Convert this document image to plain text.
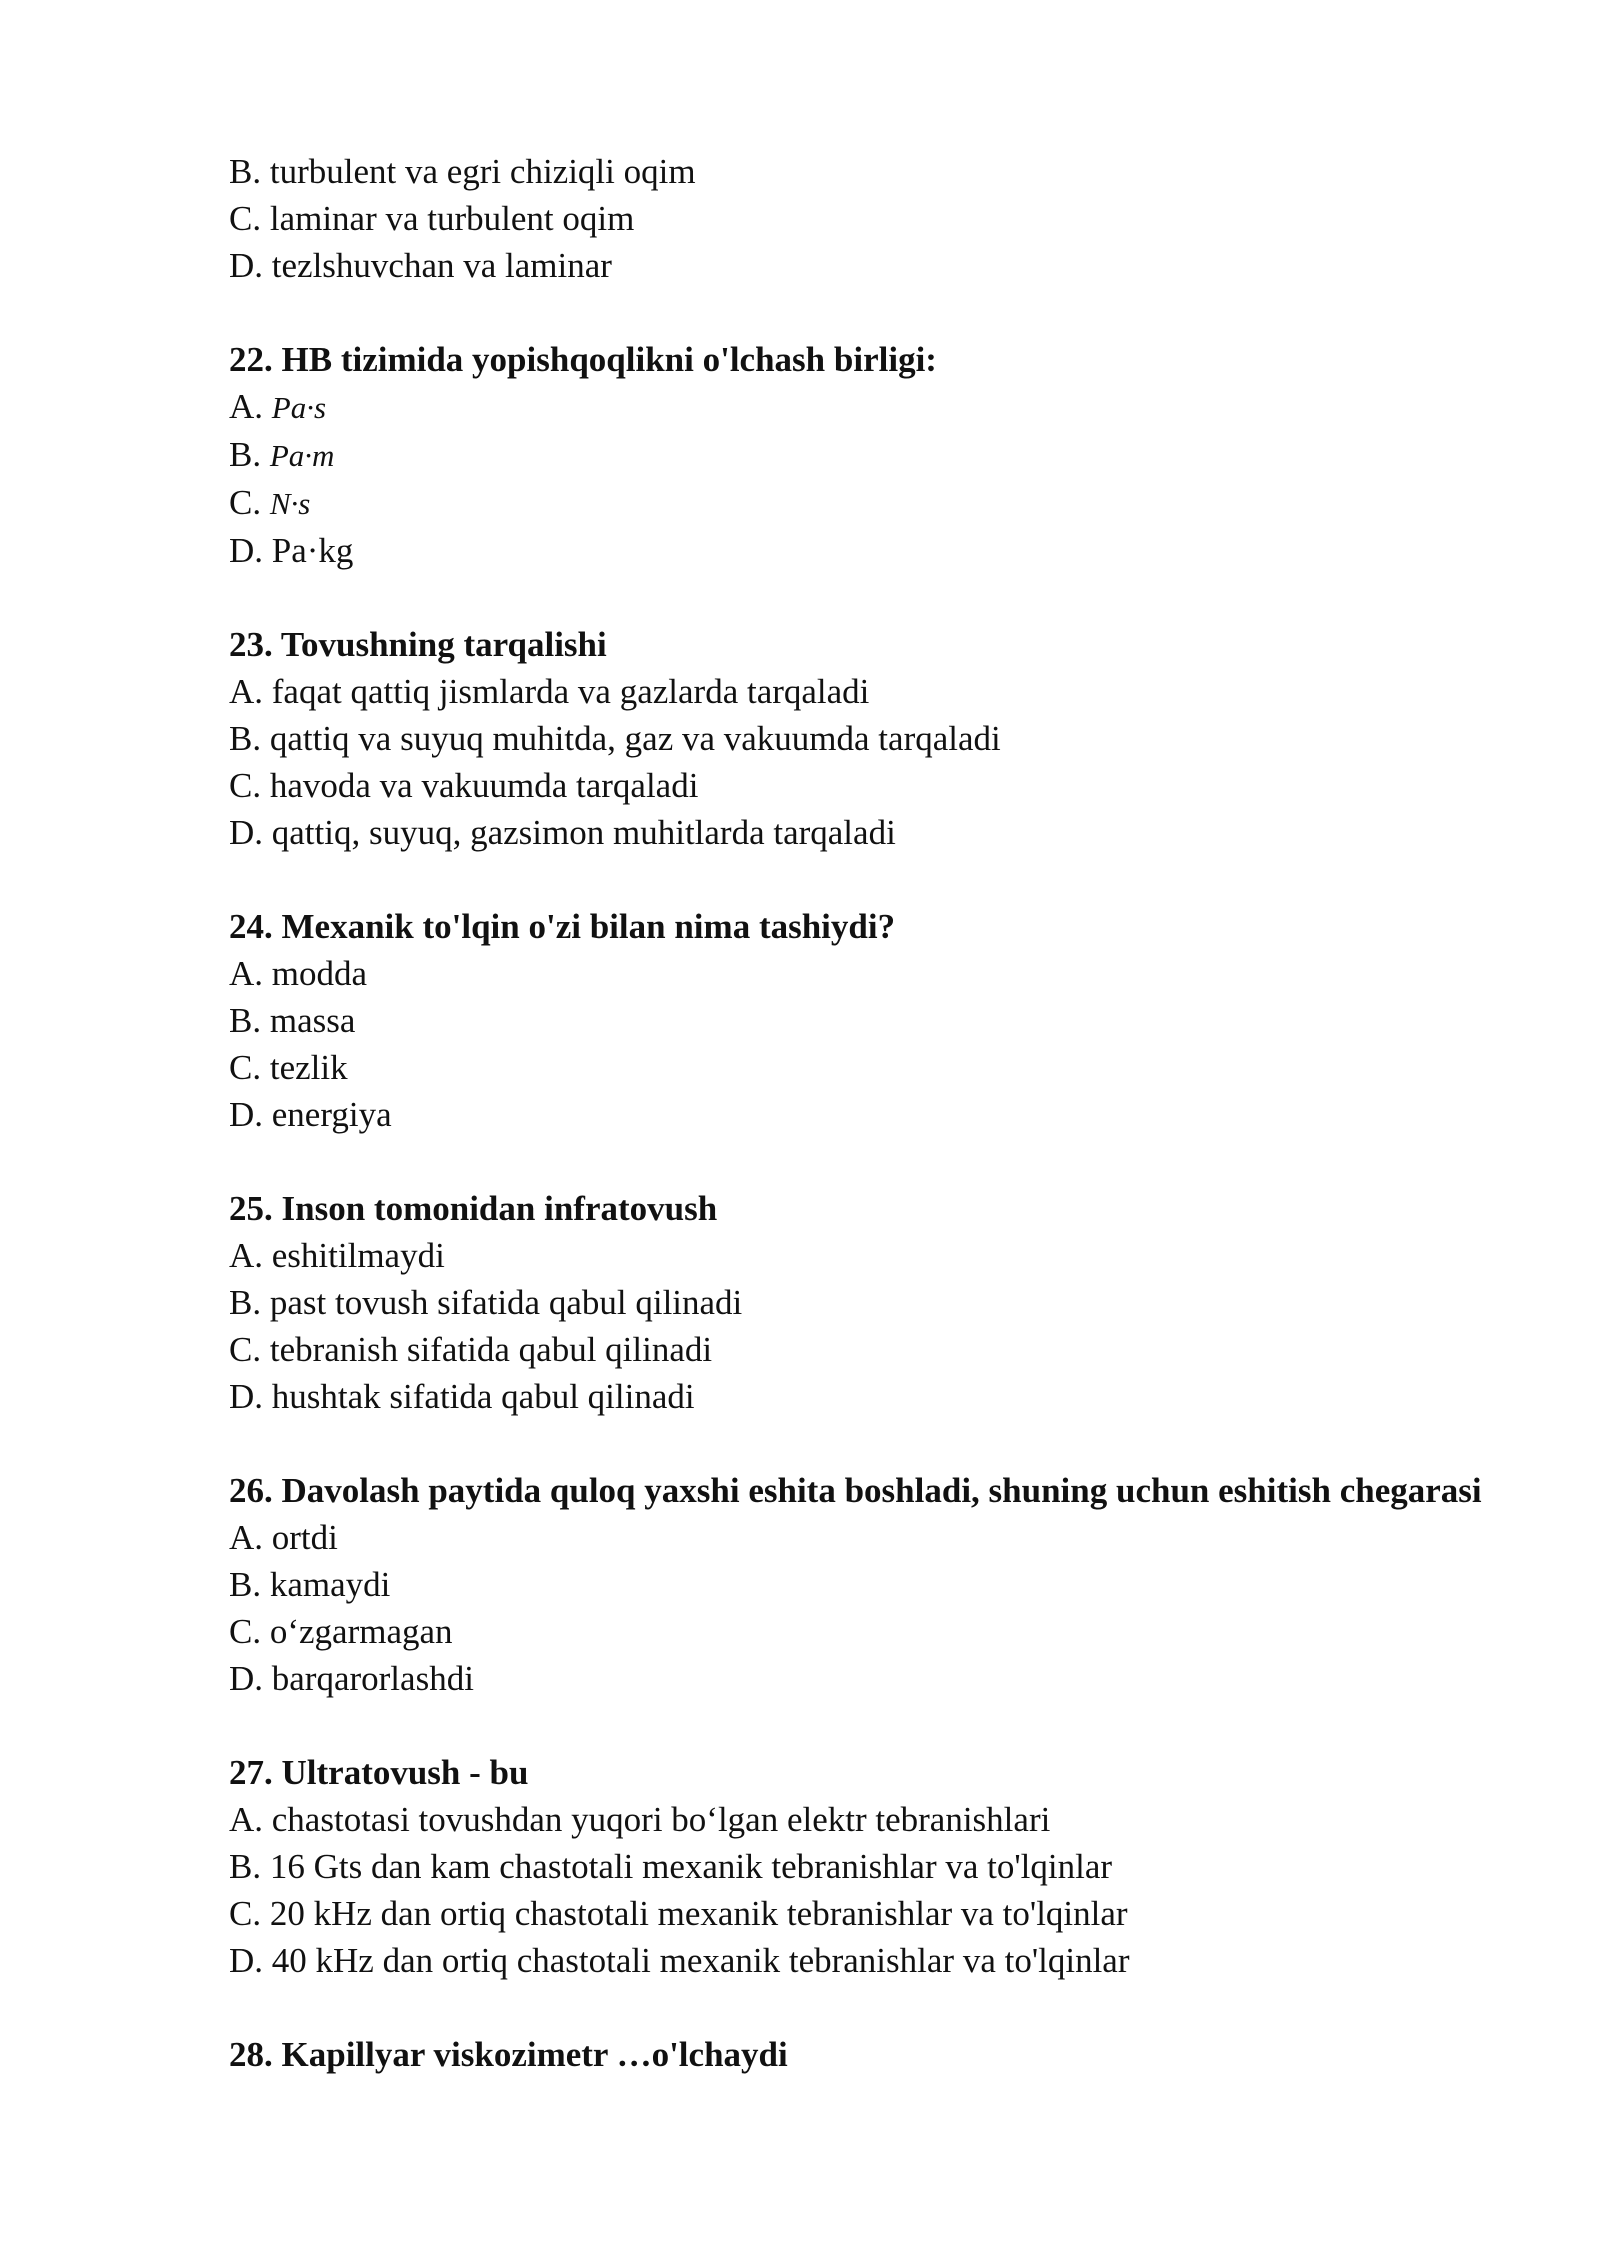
B. turbulent va egri chiziqli oqim
C. laminar va turbulent oqim
D. tezlshuvchan va laminar
22. HB tizimida yopishqoqlikni o'lchash birligi:
A. Pa·s
B. Pa·m
C. N·s
D. Pa·kg
23. Tovushning tarqalishi
A. faqat qattiq jismlarda va gazlarda tarqaladi
B. qattiq va suyuq muhitda, gaz va vakuumda tarqaladi
C. havoda va vakuumda tarqaladi
D. qattiq, suyuq, gazsimon muhitlarda tarqaladi
24. Mexanik to'lqin o'zi bilan nima tashiydi?
A. modda
B. massa
C. tezlik
D. energiya
25. Inson tomonidan infratovush
A. eshitilmaydi
B. past tovush sifatida qabul qilinadi
C. tebranish sifatida qabul qilinadi
D. hushtak sifatida qabul qilinadi
26. Davolash paytida quloq yaxshi eshita boshladi, shuning uchun eshitish chegarasi
A. ortdi
B. kamaydi
C. o‘zgarmagan
D. barqarorlashdi
27. Ultratovush - bu
A. chastotasi tovushdan yuqori bo‘lgan elektr tebranishlari
B. 16 Gts dan kam chastotali mexanik tebranishlar va to'lqinlar
C. 20 kHz dan ortiq chastotali mexanik tebranishlar va to'lqinlar
D. 40 kHz dan ortiq chastotali mexanik tebranishlar va to'lqinlar
28. Kapillyar viskozimetr …o'lchaydi
